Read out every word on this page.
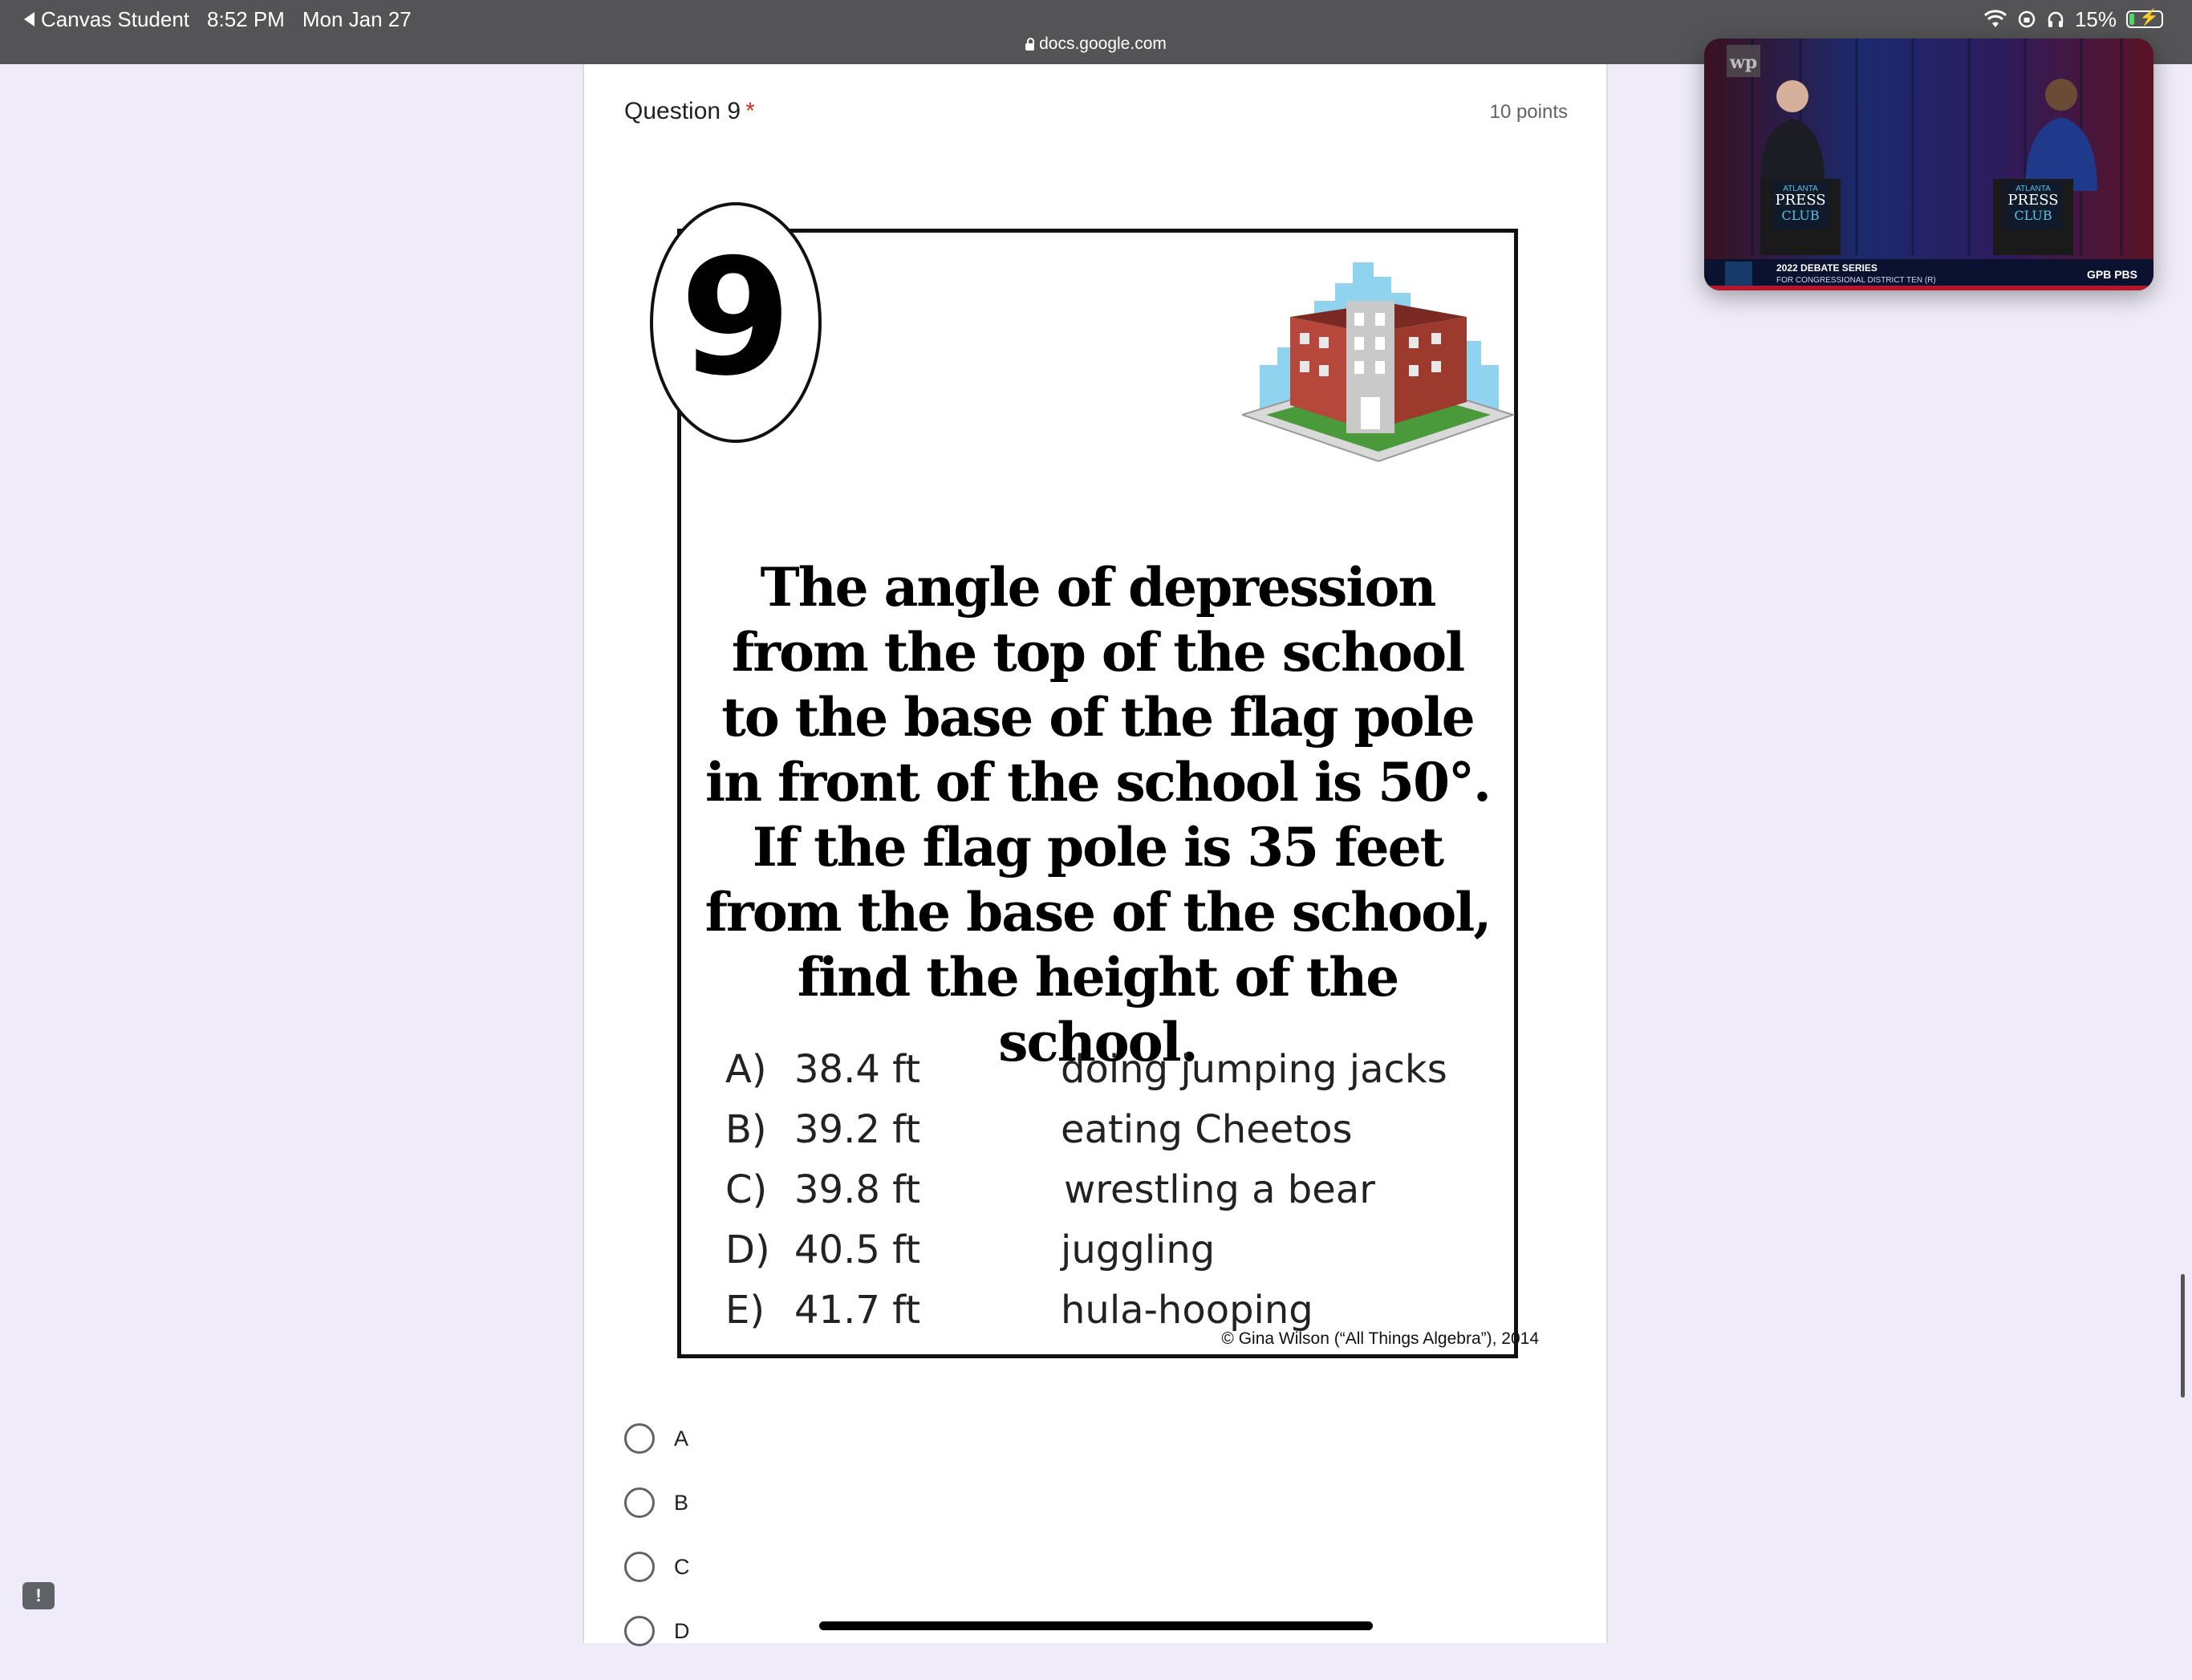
Canvas Student 8:52 PM Mon Jan 27	15% ⚡
docs.google.com
Question 9 *	10 points
9
The angle of depression from the top of the school to the base of the flag pole in front of the school is 50°. If the flag pole is 35 feet from the base of the school, find the height of the school.
A) 38.4 ft	doing jumping jacks
B) 39.2 ft	eating Cheetos
C) 39.8 ft	wrestling a bear
D) 40.5 ft	juggling
E) 41.7 ft	hula-hooping
© Gina Wilson (“All Things Algebra”), 2014
A
B
C
D
wp
ATLANTA
PRESS
CLUB
ATLANTA
PRESS
CLUB
2022 DEBATE SERIES
FOR CONGRESSIONAL DISTRICT TEN (R)	GPB PBS
!
